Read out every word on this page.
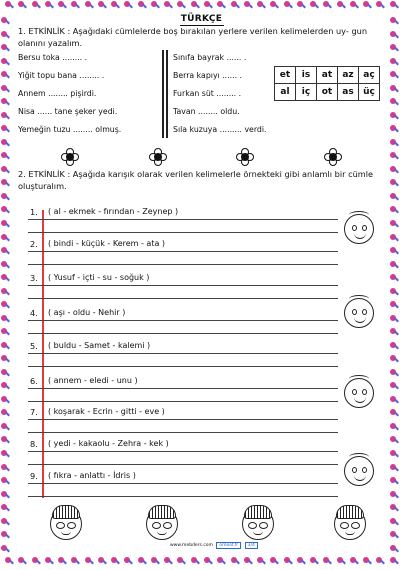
TÜRKÇE
1. ETKİNLİK : Aşağıdaki cümlelerde boş bırakılan yerlere verilen kelimelerden uy- gun olanını yazalım.
Bersu toka ........ .
Yiğit topu bana ........ .
Annem ........ pişirdi.
Nisa ...... tane şeker yedi.
Yemeğin tuzu ........ olmuş.
Sınıfa bayrak ...... .
Berra kapıyı ...... .
Furkan süt ........ .
Tavan ........ oldu.
Sıla kuzuya ......... verdi.
et	is	at	az	aç
al	iç	ot	as	üç
2. ETKİNLİK : Aşağıda karışık olarak verilen kelimelerle örnekteki gibi anlamlı bir cümle oluşturalım.
1. ( al - ekmek - fırından - Zeynep )
2. ( bindi - küçük - Kerem - ata )
3. ( Yusuf - içti - su - soğuk )
4. ( aşı - oldu - Nehir )
5. ( buldu - Samet - kalemi )
6. ( annem - eledi - unu )
7. ( koşarak - Ecrin - gitti - eve )
8. ( yedi - kakaolu - Zehra - kek )
9. ( fıkra - anlattı - İdris )
www.mebders.com omoof.fr 3/4
